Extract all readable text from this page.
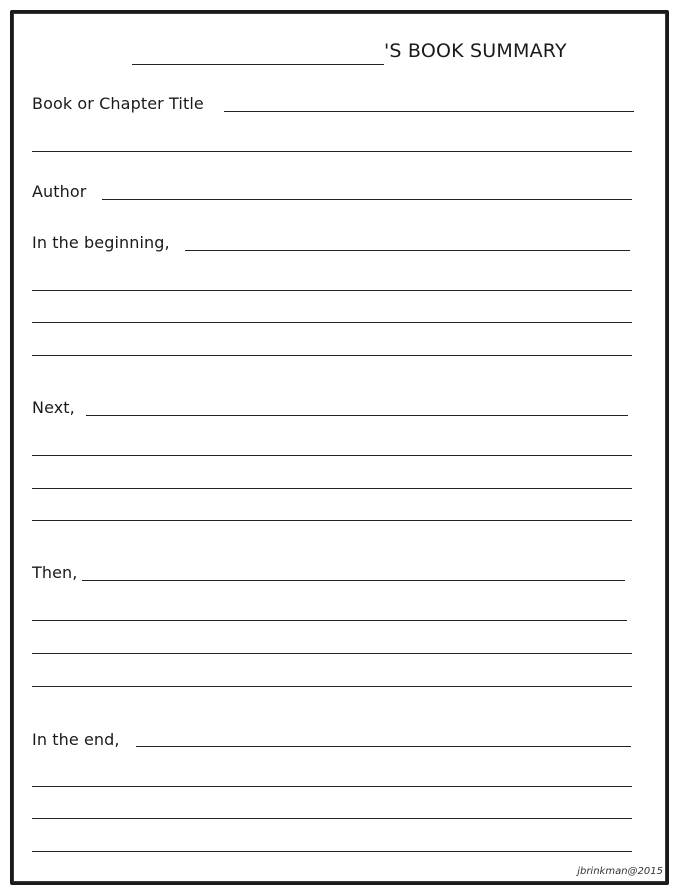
'S BOOK SUMMARY
Book or Chapter Title
Author
In the beginning,
Next,
Then,
In the end,
jbrinkman@2015
